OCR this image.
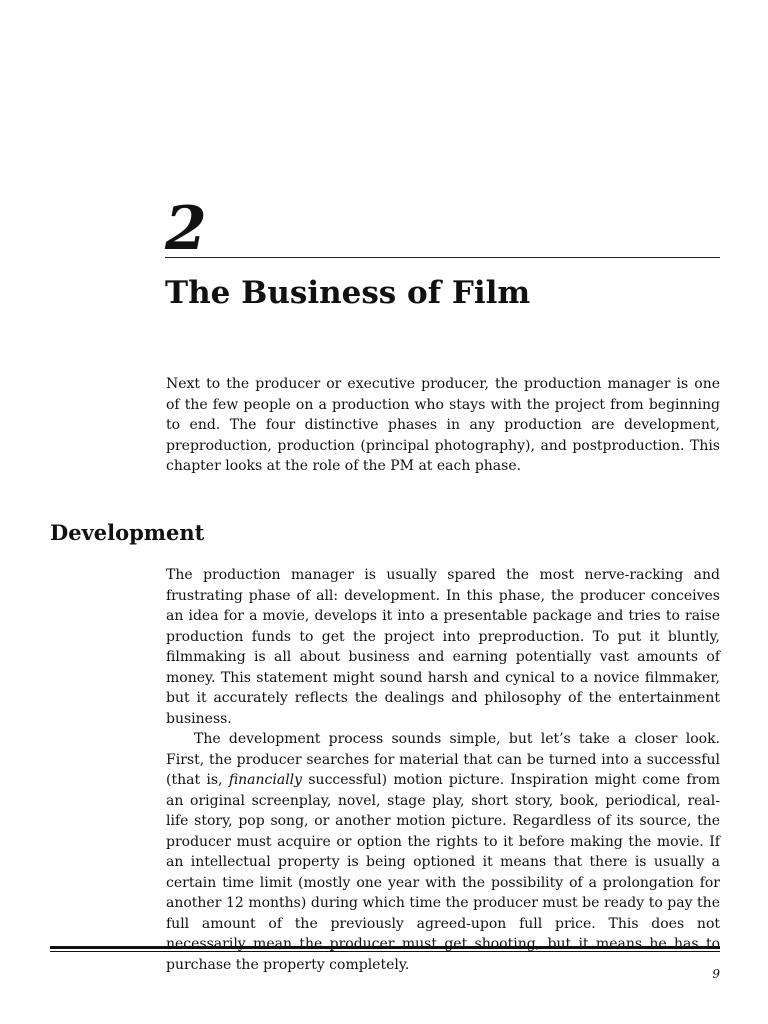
2
The Business of Film

Next to the producer or executive producer, the production manager is one of the few people on a production who stays with the project from beginning to end. The four distinctive phases in any production are development, preproduction, production (principal photography), and postproduction. This chapter looks at the role of the PM at each phase.

Development

The production manager is usually spared the most nerve-racking and frustrating phase of all: development. In this phase, the producer conceives an idea for a movie, develops it into a presentable package and tries to raise production funds to get the project into preproduction. To put it bluntly, filmmaking is all about business and earning potentially vast amounts of money. This statement might sound harsh and cynical to a novice filmmaker, but it accurately reflects the dealings and philosophy of the entertainment business.

The development process sounds simple, but let’s take a closer look. First, the producer searches for material that can be turned into a successful (that is, financially successful) motion picture. Inspiration might come from an original screenplay, novel, stage play, short story, book, periodical, real-life story, pop song, or another motion picture. Regardless of its source, the producer must acquire or option the rights to it before making the movie. If an intellectual property is being optioned it means that there is usually a certain time limit (mostly one year with the possibility of a prolongation for another 12 months) during which time the producer must be ready to pay the full amount of the previously agreed-upon full price. This does not necessarily mean the producer must get shooting, but it means he has to purchase the property completely.

9
